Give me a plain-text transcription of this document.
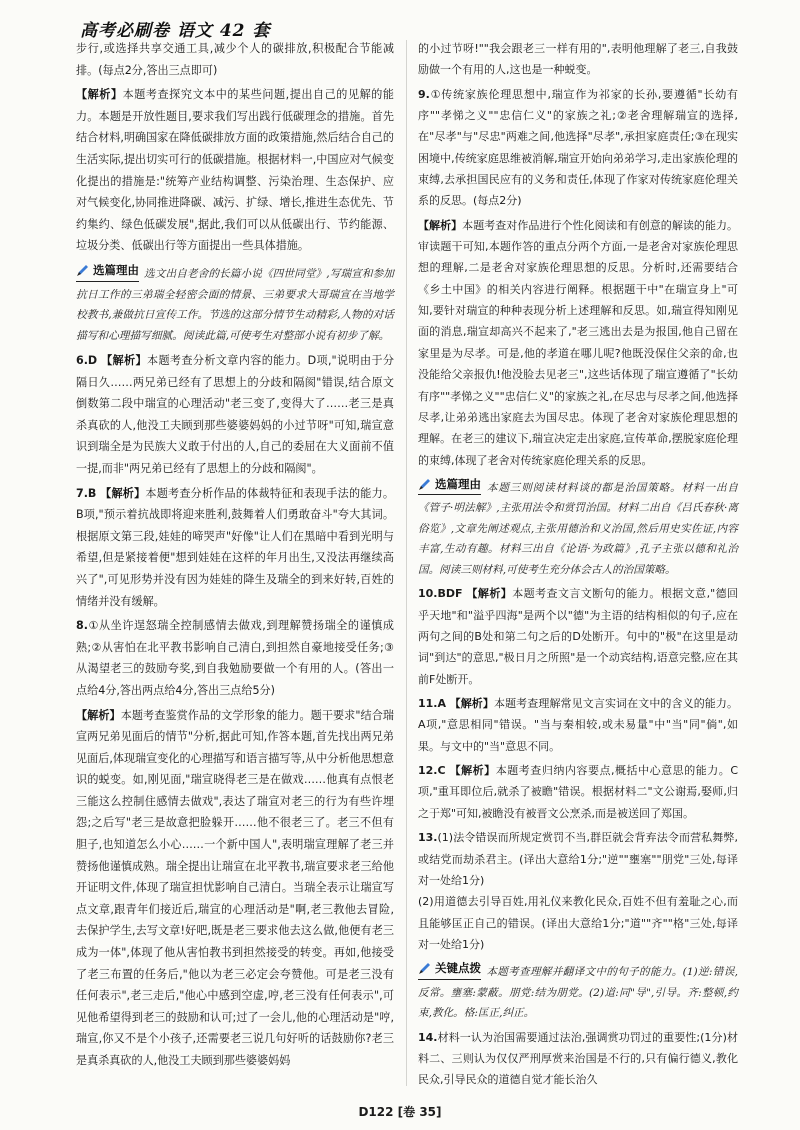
高考必刷卷 语文 42 套

步行,或选择共享交通工具,减少个人的碳排放,积极配合节能减排。(每点2分,答出三点即可)

【解析】本题考查探究文本中的某些问题,提出自己的见解的能力。本题是开放性题目,要求我们写出践行低碳理念的措施。首先结合材料,明确国家在降低碳排放方面的政策措施,然后结合自己的生活实际,提出切实可行的低碳措施。根据材料一,中国应对气候变化提出的措施是:"统筹产业结构调整、污染治理、生态保护、应对气候变化,协同推进降碳、减污、扩绿、增长,推进生态优先、节约集约、绿色低碳发展",据此,我们可以从低碳出行、节约能源、垃圾分类、低碳出行等方面提出一些具体措施。

选篇理由 选文出自老舍的长篇小说《四世同堂》,写瑞宣和参加抗日工作的三弟瑞全轻密会面的情景、三弟要求大哥瑞宣在当地学校教书,兼做抗日宣传工作。节选的这部分情节生动精彩,人物的对话描写和心理描写细腻。阅读此篇,可使考生对整部小说有初步了解。

6.D 【解析】本题考查分析文章内容的能力。D项,"说明由于分隔日久……两兄弟已经有了思想上的分歧和隔阂"错误,结合原文倒数第二段中瑞宣的心理活动"老三变了,变得大了……老三是真杀真砍的人,他没工夫顾到那些婆婆妈妈的小过节呀"可知,瑞宣意识到瑞全是为民族大义敢于付出的人,自己的委屈在大义面前不值一提,而非"两兄弟已经有了思想上的分歧和隔阂"。

7.B 【解析】本题考查分析作品的体裁特征和表现手法的能力。B项,"预示着抗战即将迎来胜利,鼓舞着人们勇敢奋斗"夸大其词。根据原文第三段,娃娃的啼哭声"好像"让人们在黑暗中看到光明与希望,但是紧接着便"想到娃娃在这样的年月出生,又没法再继续高兴了",可见形势并没有因为娃娃的降生及瑞全的到来好转,百姓的情绪并没有缓解。

8.①从坐许逞怒瑞全控制感情去做戏,到理解赞扬瑞全的谨慎成熟;②从害怕在北平教书影响自己清白,到担然自豪地接受任务;③从渴望老三的鼓励夸奖,到自我勉励要做一个有用的人。(答出一点给4分,答出两点给4分,答出三点给5分)

【解析】本题考查鉴赏作品的文学形象的能力。题干要求"结合瑞宣两兄弟见面后的情节"分析,据此可知,作答本题,首先找出两兄弟见面后,体现瑞宣变化的心理描写和语言描写等,从中分析他思想意识的蜕变。如,刚见面,"瑞宣晓得老三是在做戏……他真有点恨老三能这么控制住感情去做戏",表达了瑞宣对老三的行为有些许埋怨;之后写"老三是故意把脸躲开……他不很老三了。老三不但有胆子,也知道怎么小心……一个新中国人",表明瑞宣理解了老三并赞扬他谨慎成熟。瑞全提出让瑞宣在北平教书,瑞宣要求老三给他开证明文件,体现了瑞宣担忧影响自己清白。当瑞全表示让瑞宣写点文章,跟青年们接近后,瑞宣的心理活动是"啊,老三教他去冒险,去保护学生,去写文章!好吧,既是老三要求他去这么做,他便有老三成为一体",体现了他从害怕教书到担然接受的转变。再如,他接受了老三布置的任务后,"他以为老三必定会夸赞他。可是老三没有任何表示",老三走后,"他心中感到空虚,哼,老三没有任何表示",可见他希望得到老三的鼓励和认可;过了一会儿,他的心理活动是"哼,瑞宣,你又不是个小孩子,还需要老三说几句好听的话鼓励你?老三是真杀真砍的人,他没工夫顾到那些婆婆妈妈

的小过节呀!""我会跟老三一样有用的",表明他理解了老三,自我鼓励做一个有用的人,这也是一种蜕变。

9.①传统家族伦理思想中,瑞宣作为祁家的长孙,要遵循"长幼有序""孝悌之义""忠信仁义"的家族之礼;②老舍理解瑞宣的选择,在"尽孝"与"尽忠"两难之间,他选择"尽孝",承担家庭责任;③在现实困境中,传统家庭思维被消解,瑞宣开始向弟弟学习,走出家族伦理的束缚,去承担国民应有的义务和责任,体现了作家对传统家庭伦理关系的反思。(每点2分)

【解析】本题考查对作品进行个性化阅读和有创意的解读的能力。审读题干可知,本题作答的重点分两个方面,一是老舍对家族伦理思想的理解,二是老舍对家族伦理思想的反思。分析时,还需要结合《乡土中国》的相关内容进行阐释。根据题干中"在瑞宣身上"可知,要针对瑞宣的种种表现分析上述理解和反思。如,瑞宣得知刚见面的消息,瑞宣却高兴不起来了,"老三逃出去是为报国,他自己留在家里是为尽孝。可是,他的孝道在哪儿呢?他既没保住父亲的命,也没能给父亲报仇!他没脸去见老三",这些话体现了瑞宣遵循了"长幼有序""孝悌之义""忠信仁义"的家族之礼,在尽忠与尽孝之间,他选择尽孝,让弟弟逃出家庭去为国尽忠。体现了老舍对家族伦理思想的理解。在老三的建议下,瑞宣决定走出家庭,宣传革命,摆脱家庭伦理的束缚,体现了老舍对传统家庭伦理关系的反思。

选篇理由 本题三则阅读材料谈的都是治国策略。材料一出自《管子·明法解》,主张用法令和赏罚治国。材料二出自《吕氏春秋·离俗览》,文章先阐述观点,主张用德治和义治国,然后用史实佐证,内容丰富,生动有趣。材料三出自《论语·为政篇》,孔子主张以德和礼治国。阅读三则材料,可使考生充分体会古人的治国策略。

10.BDF 【解析】本题考查文言文断句的能力。根据文意,"德回乎天地"和"溢乎四海"是两个以"德"为主语的结构相似的句子,应在两句之间的B处和第二句之后的D处断开。句中的"极"在这里是动词"到达"的意思,"极日月之所照"是一个动宾结构,语意完整,应在其前F处断开。

11.A 【解析】本题考查理解常见文言实词在文中的含义的能力。A项,"意思相同"错误。"当与秦相较,或未易量"中"当"同"倘",如果。与文中的"当"意思不同。

12.C 【解析】本题考查归纳内容要点,概括中心意思的能力。C项,"重耳即位后,就杀了被瞻"错误。根据材料二"文公谢焉,娶师,归之于郑"可知,被瞻没有被晋文公烹杀,而是被送回了郑国。

13.(1)法令错误而所规定赏罚不当,群臣就会背弃法令而营私舞弊,或结党而劫杀君主。(译出大意给1分;"逆""壅塞""朋党"三处,每译对一处给1分)

(2)用道德去引导百姓,用礼仪来教化民众,百姓不但有羞耻之心,而且能够匡正自己的错误。(译出大意给1分;"道""齐""格"三处,每译对一处给1分)

关键点拨 本题考查理解并翻译文中的句子的能力。(1)逆:错误,反常。壅塞:蒙蔽。朋党:结为朋党。(2)道:同"导",引导。齐:整顿,约束,教化。格:匡正,纠正。

14.材料一认为治国需要通过法治,强调赏功罚过的重要性;(1分)材料二、三则认为仅仅严刑厚赏来治国是不行的,只有偏行德义,教化民众,引导民众的道德自觉才能长治久

D122 [卷 35]
